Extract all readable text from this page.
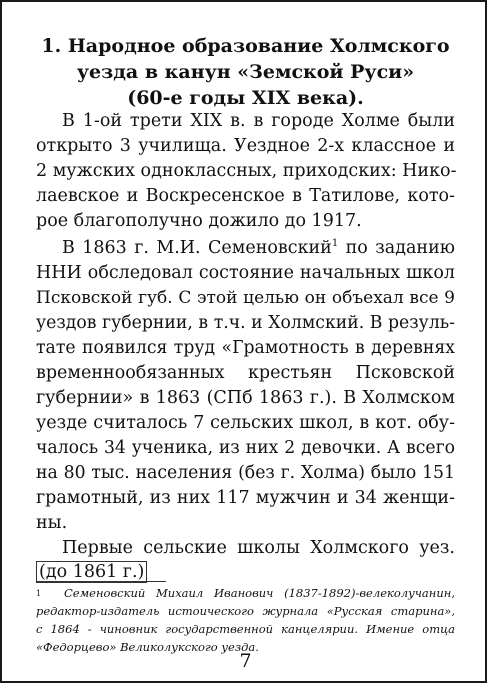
1. Народное образование Холмского
уезда в канун «Земской Руси»
(60-е годы XIX века).
В 1-ой трети XIX в. в городе Холме были
открыто 3 училища. Уездное 2-х классное и
2 мужских одноклассных, приходских: Нико-
лаевское и Воскресенское в Татилове, кото-
рое благополучно дожило до 1917.
В 1863 г. М.И. Семеновский$^1$ по заданию
ННИ обследовал состояние начальных школ
Псковской губ. С этой целью он объехал все 9
уездов губернии, в т.ч. и Холмский. В резуль-
тате появился труд «Грамотность в деревнях
временнообязанных крестьян Псковской
губернии» в 1863 (СПб 1863 г.). В Холмском
уезде считалось 7 сельских школ, в кот. обу-
чалось 34 ученика, из них 2 девочки. А всего
на 80 тыс. населения (без г. Холма) было 151
грамотный, из них 117 мужчин и 34 женщи-
ны.
Первые сельские школы Холмского уез.
(до 1861 г.)
1 Семеновский Михаил Иванович (1837-1892)-велеколучанин,
редактор-издатель истоического журнала «Русская старина»,
с 1864 - чиновник государственной канцелярии. Имение отца
«Федорцево» Великолукского уезда.
7
